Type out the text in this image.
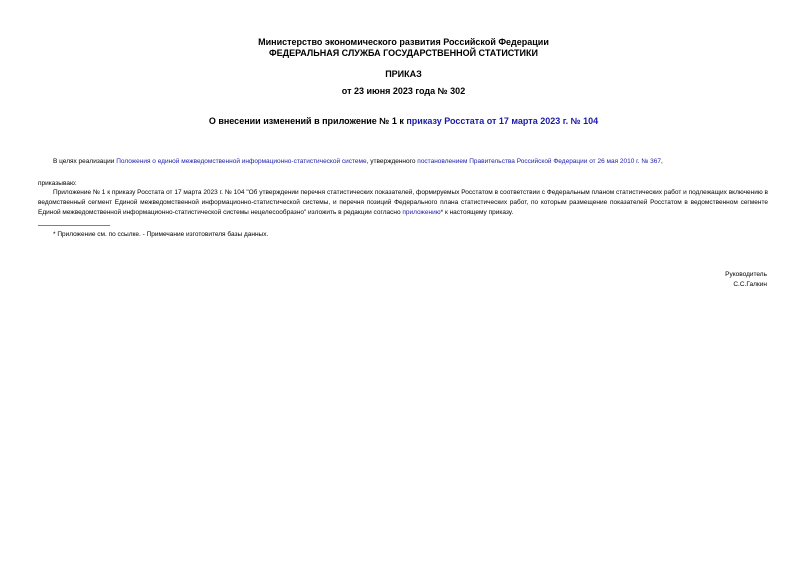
Министерство экономического развития Российской Федерации
ФЕДЕРАЛЬНАЯ СЛУЖБА ГОСУДАРСТВЕННОЙ СТАТИСТИКИ
ПРИКАЗ
от 23 июня 2023 года № 302
О внесении изменений в приложение № 1 к приказу Росстата от 17 марта 2023 г. № 104
В целях реализации Положения о единой межведомственной информационно-статистической системе, утвержденного постановлением Правительства Российской Федерации от 26 мая 2010 г. № 367,
приказываю:
Приложение № 1 к приказу Росстата от 17 марта 2023 г. № 104 "Об утверждении перечня статистических показателей, формируемых Росстатом в соответствии с Федеральным планом статистических работ и подлежащих включению в ведомственный сегмент Единой межведомственной информационно-статистической системы, и перечня позиций Федерального плана статистических работ, по которым размещение показателей Росстатом в ведомственном сегменте Единой межведомственной информационно-статистической системы нецелесообразно" изложить в редакции согласно приложению* к настоящему приказу.
* Приложение см. по ссылке. - Примечание изготовителя базы данных.
Руководитель
С.С.Галкин
